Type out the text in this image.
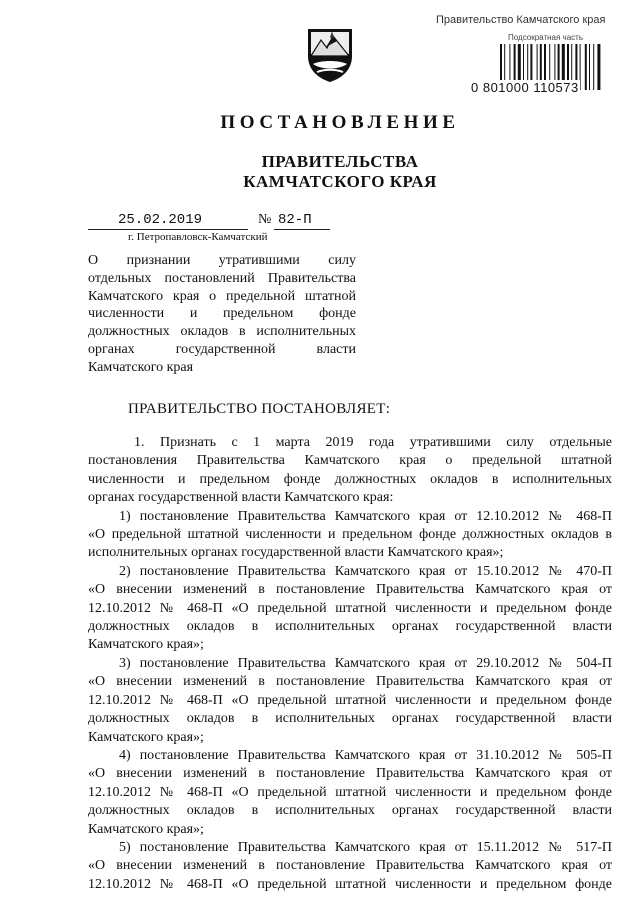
Правительство Камчатского края
Подсократная часть
0 801000 110573
ПОСТАНОВЛЕНИЕ
ПРАВИТЕЛЬСТВА
КАМЧАТСКОГО КРАЯ
25.02.2019	№ 82-П
г. Петропавловск-Камчатский
О признании утратившими силу
отдельных постановлений Правительства
Камчатского края о предельной штатной
численности и предельном фонде
должностных окладов в исполнительных
органах государственной власти
Камчатского края
ПРАВИТЕЛЬСТВО ПОСТАНОВЛЯЕТ:
1. Признать с 1 марта 2019 года утратившими силу отдельные
постановления Правительства Камчатского края о предельной штатной
численности и предельном фонде должностных окладов в исполнительных
органах государственной власти Камчатского края:
1) постановление Правительства Камчатского края от 12.10.2012 № 468-П
«О предельной штатной численности и предельном фонде должностных окладов в
исполнительных органах государственной власти Камчатского края»;
2) постановление Правительства Камчатского края от 15.10.2012 № 470-П
«О внесении изменений в постановление Правительства Камчатского края от
12.10.2012 № 468-П «О предельной штатной численности и предельном фонде
должностных окладов в исполнительных органах государственной власти
Камчатского края»;
3) постановление Правительства Камчатского края от 29.10.2012 № 504-П
«О внесении изменений в постановление Правительства Камчатского края от
12.10.2012 № 468-П «О предельной штатной численности и предельном фонде
должностных окладов в исполнительных органах государственной власти
Камчатского края»;
4) постановление Правительства Камчатского края от 31.10.2012 № 505-П
«О внесении изменений в постановление Правительства Камчатского края от
12.10.2012 № 468-П «О предельной штатной численности и предельном фонде
должностных окладов в исполнительных органах государственной власти
Камчатского края»;
5) постановление Правительства Камчатского края от 15.11.2012 № 517-П
«О внесении изменений в постановление Правительства Камчатского края от
12.10.2012 № 468-П «О предельной штатной численности и предельном фонде
